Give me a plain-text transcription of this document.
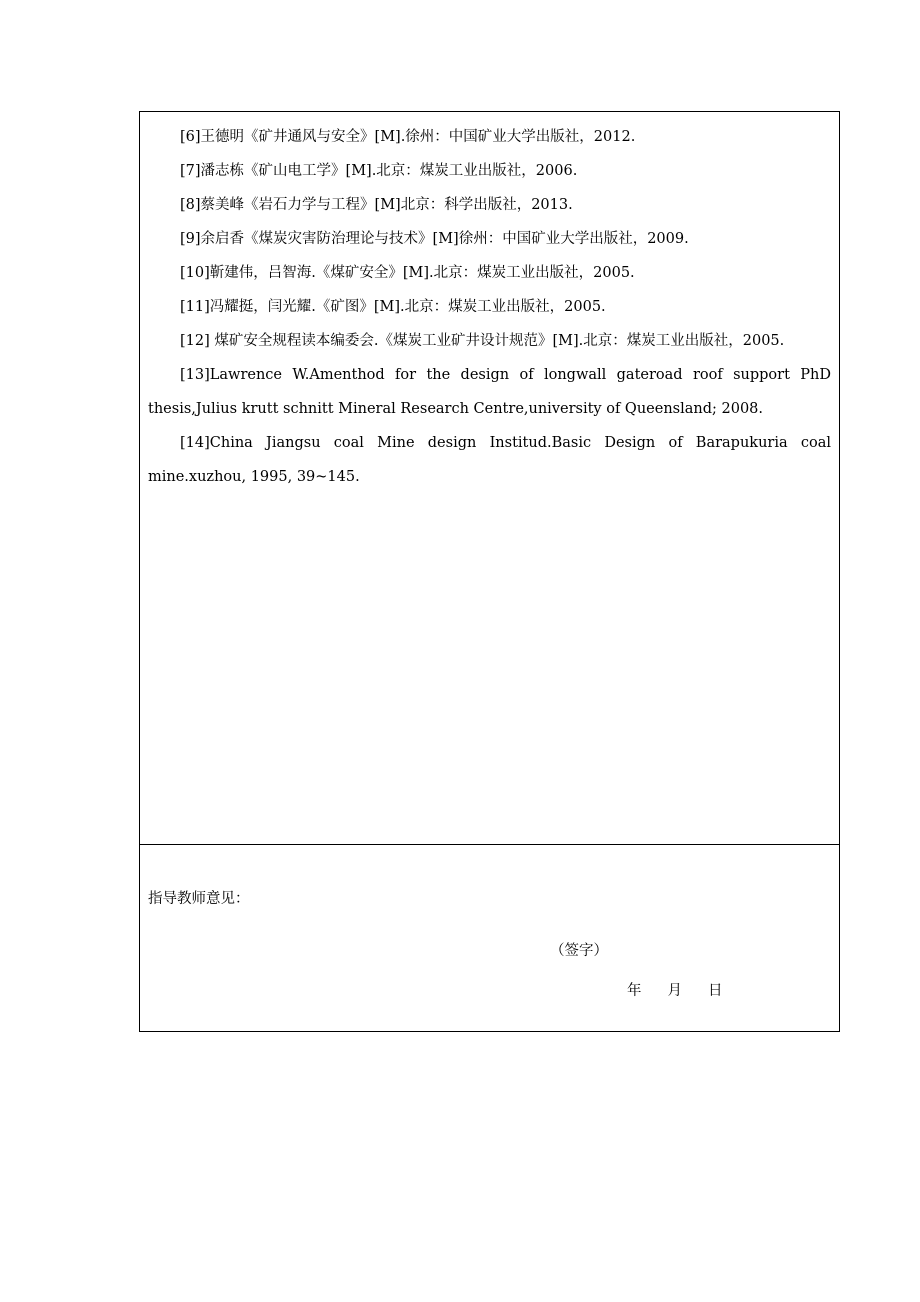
[6]王德明《矿井通风与安全》[M].徐州：中国矿业大学出版社，2012.

[7]潘志栋《矿山电工学》[M].北京：煤炭工业出版社，2006.

[8]蔡美峰《岩石力学与工程》[M]北京：科学出版社，2013.

[9]余启香《煤炭灾害防治理论与技术》[M]徐州：中国矿业大学出版社，2009.

[10]靳建伟，吕智海.《煤矿安全》[M].北京：煤炭工业出版社，2005.

[11]冯耀挺，闫光耀.《矿图》[M].北京：煤炭工业出版社，2005.

[12] 煤矿安全规程读本编委会.《煤炭工业矿井设计规范》[M].北京：煤炭工业出版社，2005.

[13]Lawrence W.Amenthod for the design of longwall gateroad roof support PhD thesis,Julius krutt schnitt Mineral Research Centre,university of Queensland; 2008.

[14]China Jiangsu coal Mine design Institud.Basic Design of Barapukuria coal mine.xuzhou, 1995, 39~145.

指导教师意见：
（签字）
年 月 日
